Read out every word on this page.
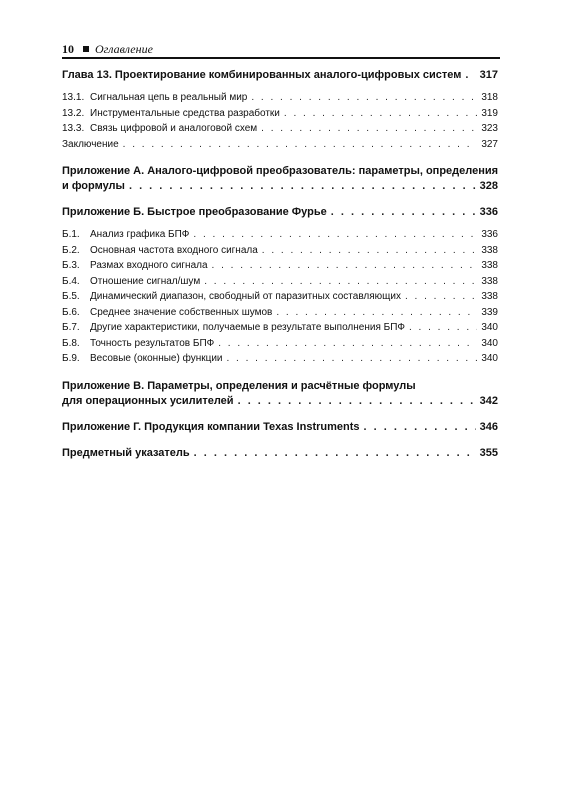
10 Оглавление
Глава 13. Проектирование комбинированных аналого-цифровых систем . . . 317
13.1. Сигнальная цепь в реальный мир . . .	318
13.2. Инструментальные средства разработки . . .	319
13.3. Связь цифровой и аналоговой схем . . .	323
Заключение . . .	327
Приложение А. Аналого-цифровой преобразователь: параметры, определения
и формулы . . .	328
Приложение Б. Быстрое преобразование Фурье . . .	336
Б.1. Анализ графика БПФ . . .	336
Б.2. Основная частота входного сигнала . . .	338
Б.3. Размах входного сигнала . . .	338
Б.4. Отношение сигнал/шум . . .	338
Б.5. Динамический диапазон, свободный от паразитных составляющих . . .	338
Б.6. Среднее значение собственных шумов . . .	339
Б.7. Другие характеристики, получаемые в результате выполнения БПФ . . .	340
Б.8. Точность результатов БПФ . . .	340
Б.9. Весовые (оконные) функции . . .	340
Приложение В. Параметры, определения и расчётные формулы
для операционных усилителей . . .	342
Приложение Г. Продукция компании Texas Instruments . . .	346
Предметный указатель . . .	355
